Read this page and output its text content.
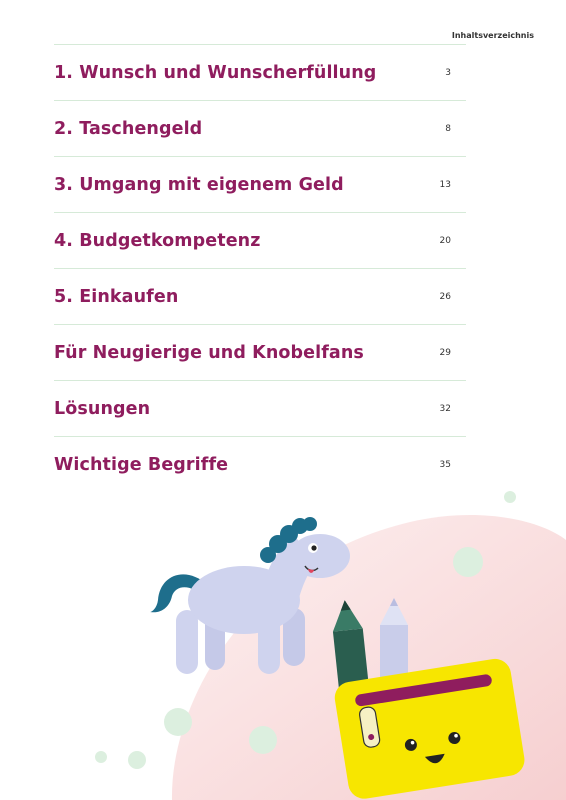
Inhaltsverzeichnis
1. Wunsch und Wunscherfüllung	3
2. Taschengeld	8
3. Umgang mit eigenem Geld	13
4. Budgetkompetenz	20
5. Einkaufen	26
Für Neugierige und Knobelfans	29
Lösungen	32
Wichtige Begriffe	35
